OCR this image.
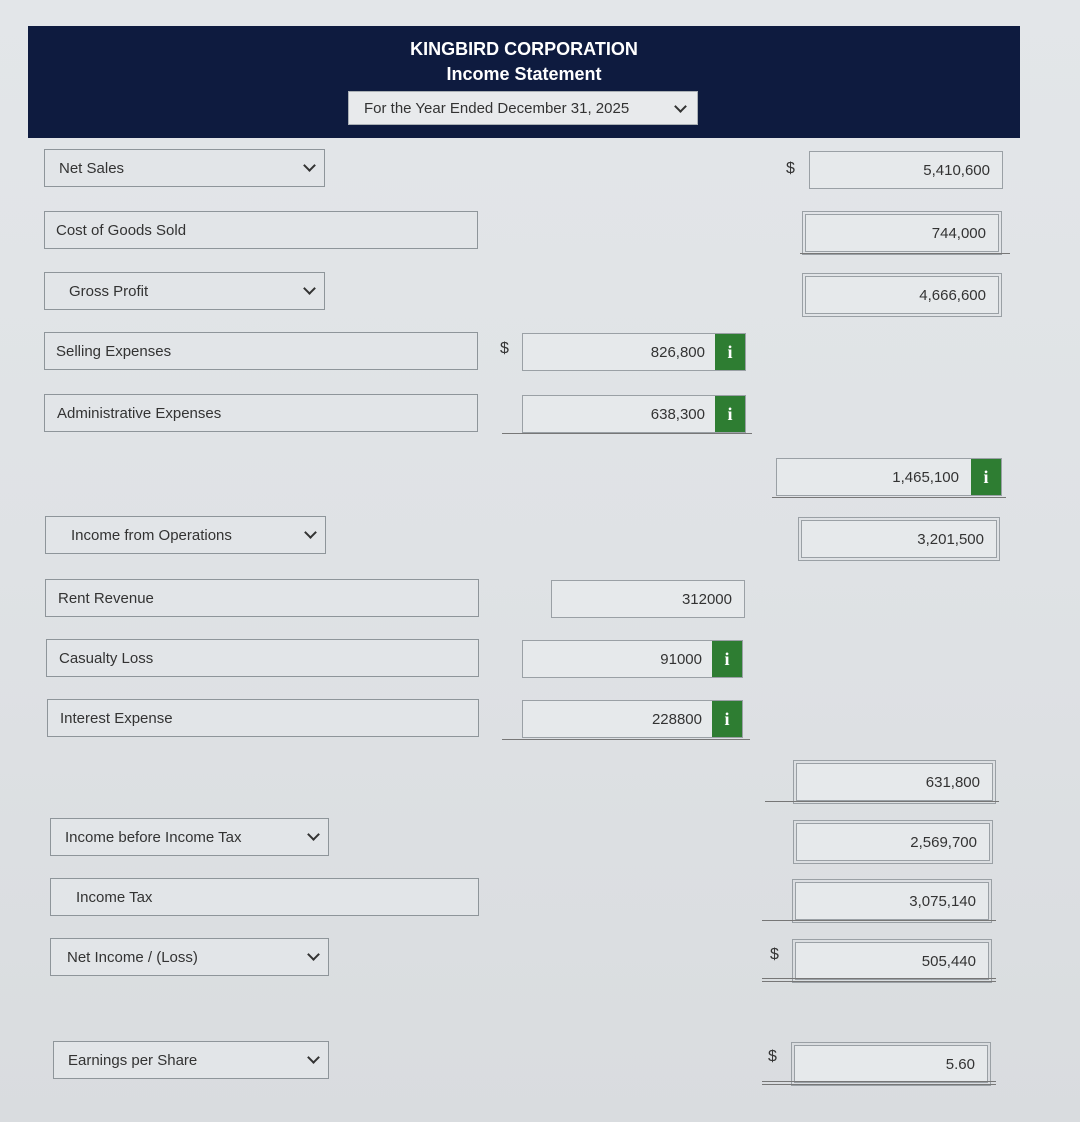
KINGBIRD CORPORATION
Income Statement
For the Year Ended December 31, 2025
Net Sales	$	5,410,600
Cost of Goods Sold	744,000
Gross Profit	4,666,600
Selling Expenses	$	826,800	i
Administrative Expenses	638,300	i
1,465,100	i
Income from Operations	3,201,500
Rent Revenue	312000
Casualty Loss	91000	i
Interest Expense	228800	i
631,800
Income before Income Tax	2,569,700
Income Tax	3,075,140
Net Income / (Loss)	$	505,440
Earnings per Share	$	5.60
